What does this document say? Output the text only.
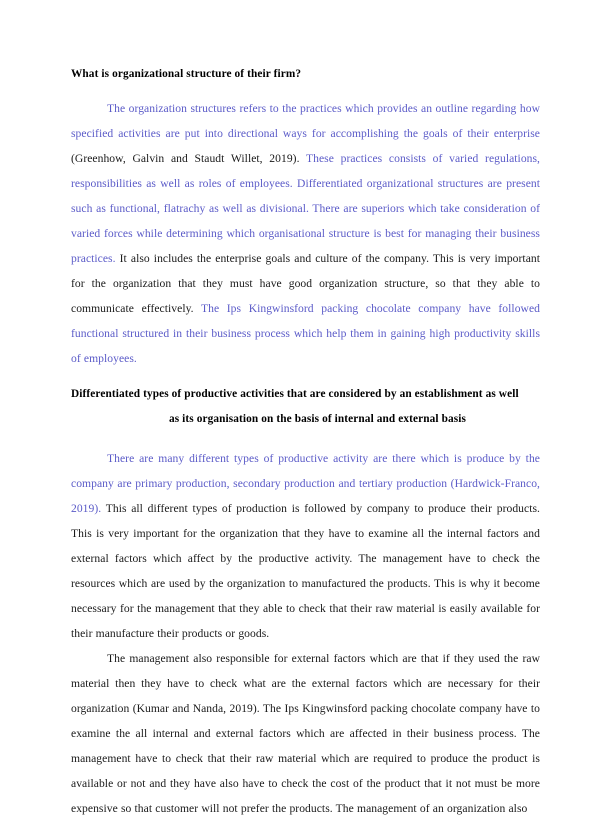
What is organizational structure of their firm?

The organization structures refers to the practices which provides an outline regarding how specified activities are put into directional ways for accomplishing the goals of their enterprise (Greenhow, Galvin and Staudt Willet, 2019). These practices consists of varied regulations, responsibilities as well as roles of employees. Differentiated organizational structures are present such as functional, flatrachy as well as divisional. There are superiors which take consideration of varied forces while determining which organisational structure is best for managing their business practices. It also includes the enterprise goals and culture of the company. This is very important for the organization that they must have good organization structure, so that they able to communicate effectively. The Ips Kingwinsford packing chocolate company have followed functional structured in their business process which help them in gaining high productivity skills of employees.

Differentiated types of productive activities that are considered by an establishment as well
as its organisation on the basis of internal and external basis

There are many different types of productive activity are there which is produce by the company are primary production, secondary production and tertiary production (Hardwick-Franco, 2019). This all different types of production is followed by company to produce their products. This is very important for the organization that they have to examine all the internal factors and external factors which affect by the productive activity. The management have to check the resources which are used by the organization to manufactured the products. This is why it become necessary for the management that they able to check that their raw material is easily available for their manufacture their products or goods.

The management also responsible for external factors which are that if they used the raw material then they have to check what are the external factors which are necessary for their organization (Kumar and Nanda, 2019). The Ips Kingwinsford packing chocolate company have to examine the all internal and external factors which are affected in their business process. The management have to check that their raw material which are required to produce the product is available or not and they have also have to check the cost of the product that it not must be more expensive so that customer will not prefer the products. The management of an organization also
